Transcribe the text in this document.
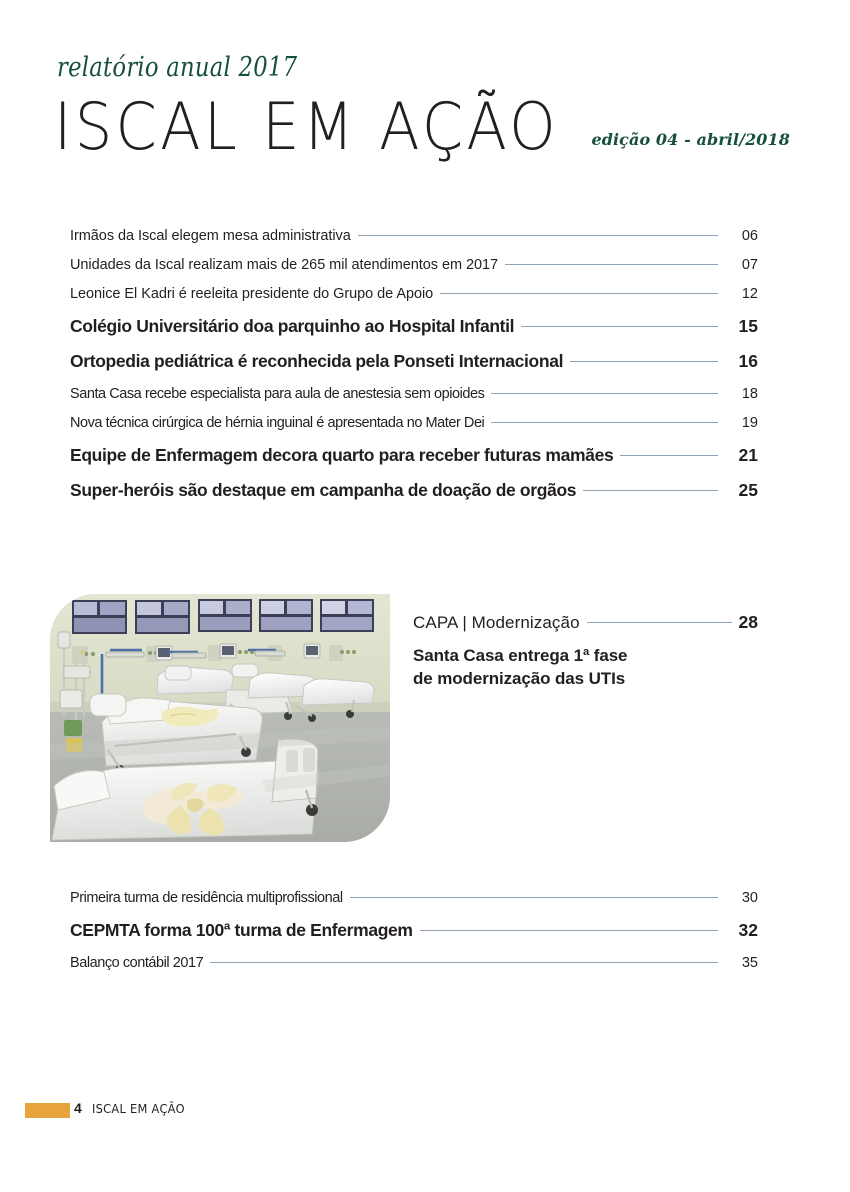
relatório anual 2017
ISCAL EM AÇÃO edição 04 - abril/2018
Irmãos da Iscal elegem mesa administrativa	06
Unidades da Iscal realizam mais de 265 mil atendimentos em 2017	07
Leonice El Kadri é reeleita presidente do Grupo de Apoio	12
Colégio Universitário doa parquinho ao Hospital Infantil	15
Ortopedia pediátrica é reconhecida pela Ponseti Internacional	16
Santa Casa recebe especialista para aula de anestesia sem opioides	18
Nova técnica cirúrgica de hérnia inguinal é apresentada no Mater Dei	19
Equipe de Enfermagem decora quarto para receber futuras mamães	21
Super-heróis são destaque em campanha de doação de orgãos	25
CAPA | Modernização	28
Santa Casa entrega 1ª fase
de modernização das UTIs
Primeira turma de residência multiprofissional	30
CEPMTA forma 100ª turma de Enfermagem	32
Balanço contábil 2017	35
4 ISCAL EM AÇÃO
